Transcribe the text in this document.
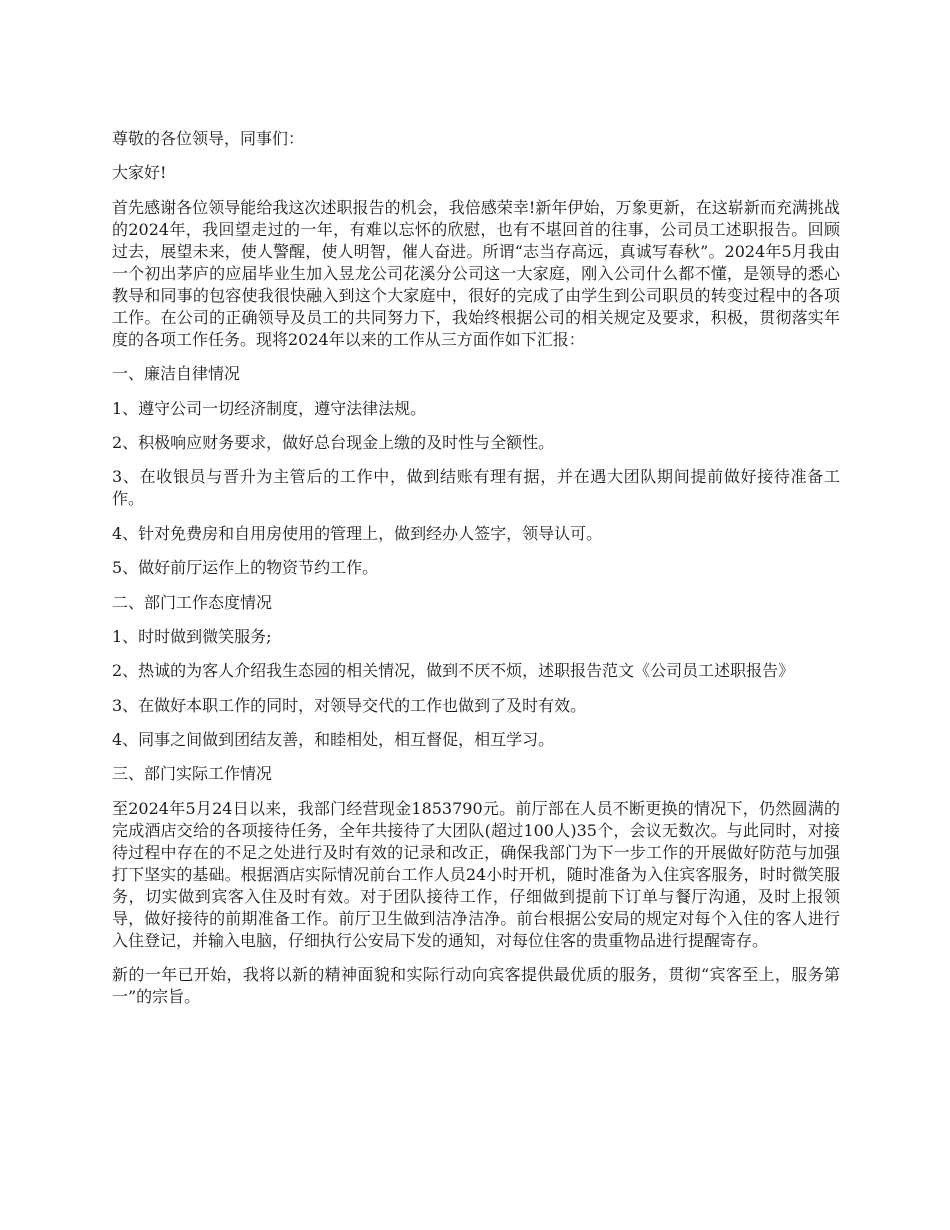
尊敬的各位领导，同事们：

大家好!

首先感谢各位领导能给我这次述职报告的机会，我倍感荣幸!新年伊始，万象更新，在这崭新而充满挑战的2024年，我回望走过的一年，有难以忘怀的欣慰，也有不堪回首的往事，公司员工述职报告。回顾过去，展望未来，使人警醒，使人明智，催人奋进。所谓“志当存高远，真诚写春秋”。2024年5月我由一个初出茅庐的应届毕业生加入昱龙公司花溪分公司这一大家庭，刚入公司什么都不懂，是领导的悉心教导和同事的包容使我很快融入到这个大家庭中，很好的完成了由学生到公司职员的转变过程中的各项工作。在公司的正确领导及员工的共同努力下，我始终根据公司的相关规定及要求，积极，贯彻落实年度的各项工作任务。现将2024年以来的工作从三方面作如下汇报：

一、廉洁自律情况

1、遵守公司一切经济制度，遵守法律法规。

2、积极响应财务要求，做好总台现金上缴的及时性与全额性。

3、在收银员与晋升为主管后的工作中，做到结账有理有据，并在遇大团队期间提前做好接待准备工作。

4、针对免费房和自用房使用的管理上，做到经办人签字，领导认可。

5、做好前厅运作上的物资节约工作。

二、部门工作态度情况

1、时时做到微笑服务;

2、热诚的为客人介绍我生态园的相关情况，做到不厌不烦，述职报告范文《公司员工述职报告》

3、在做好本职工作的同时，对领导交代的工作也做到了及时有效。

4、同事之间做到团结友善，和睦相处，相互督促，相互学习。

三、部门实际工作情况

至2024年5月24日以来，我部门经营现金1853790元。前厅部在人员不断更换的情况下，仍然圆满的完成酒店交给的各项接待任务，全年共接待了大团队(超过100人)35个，会议无数次。与此同时，对接待过程中存在的不足之处进行及时有效的记录和改正，确保我部门为下一步工作的开展做好防范与加强打下坚实的基础。根据酒店实际情况前台工作人员24小时开机，随时准备为入住宾客服务，时时微笑服务，切实做到宾客入住及时有效。对于团队接待工作，仔细做到提前下订单与餐厅沟通，及时上报领导，做好接待的前期准备工作。前厅卫生做到洁净洁净。前台根据公安局的规定对每个入住的客人进行入住登记，并输入电脑，仔细执行公安局下发的通知，对每位住客的贵重物品进行提醒寄存。

新的一年已开始，我将以新的精神面貌和实际行动向宾客提供最优质的服务，贯彻“宾客至上，服务第一”的宗旨。
